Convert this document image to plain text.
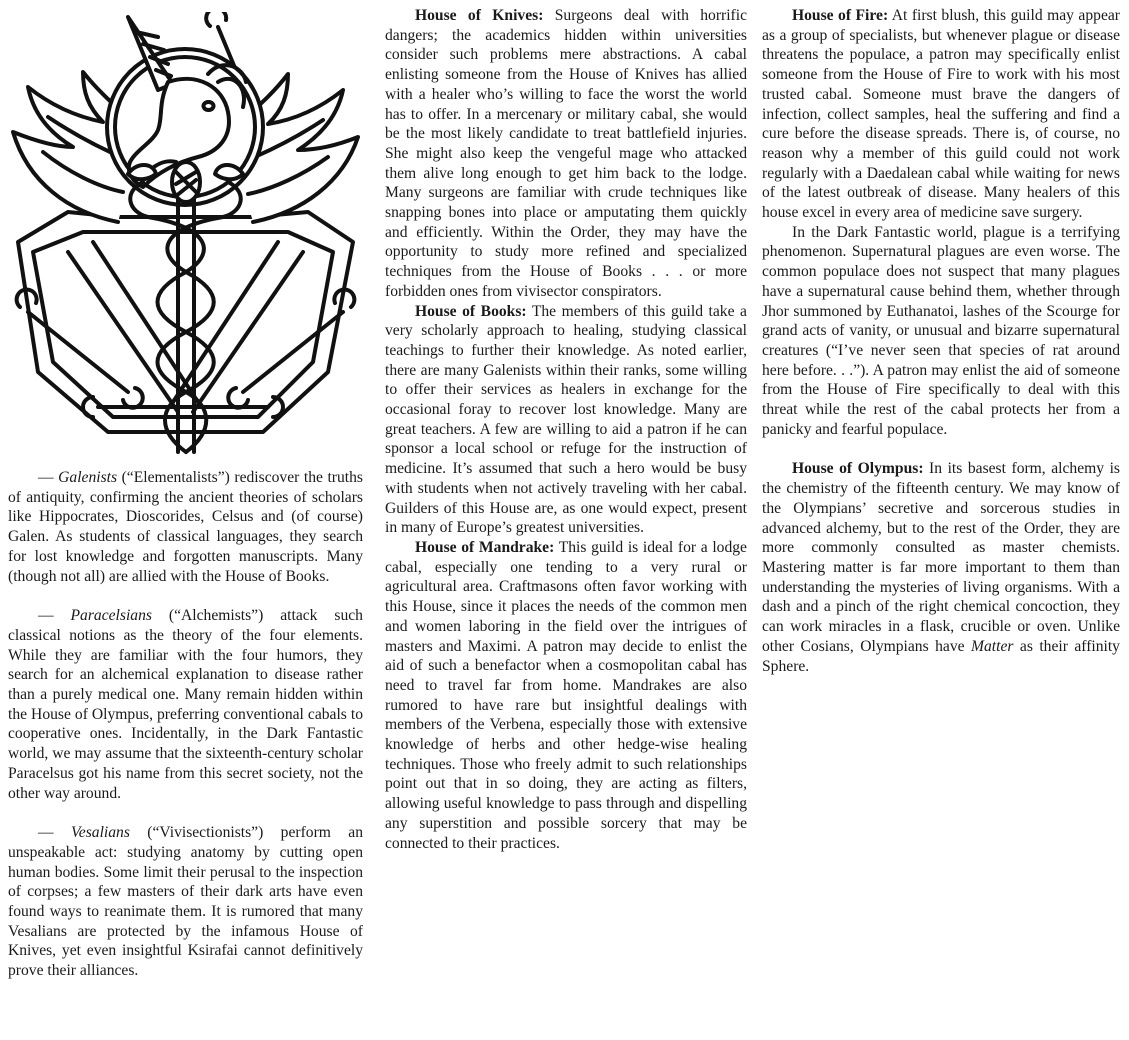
— Galenists (“Elementalists”) rediscover the truths of antiquity, confirming the ancient theories of scholars like Hippocrates, Dioscorides, Celsus and (of course) Galen. As students of classical languages, they search for lost knowledge and forgotten manuscripts. Many (though not all) are allied with the House of Books.

— Paracelsians (“Alchemists”) attack such classical notions as the theory of the four elements. While they are familiar with the four humors, they search for an alchemical explanation to disease rather than a purely medical one. Many remain hidden within the House of Olympus, preferring conventional cabals to cooperative ones. Incidentally, in the Dark Fantastic world, we may assume that the sixteenth-century scholar Paracelsus got his name from this secret society, not the other way around.

— Vesalians (“Vivisectionists”) perform an unspeakable act: studying anatomy by cutting open human bodies. Some limit their perusal to the inspection of corpses; a few masters of their dark arts have even found ways to reanimate them. It is rumored that many Vesalians are protected by the infamous House of Knives, yet even insightful Ksirafai cannot definitively prove their alliances.

House of Knives: Surgeons deal with horrific dangers; the academics hidden within universities consider such problems mere abstractions. A cabal enlisting someone from the House of Knives has allied with a healer who’s willing to face the worst the world has to offer. In a mercenary or military cabal, she would be the most likely candidate to treat battlefield injuries. She might also keep the vengeful mage who attacked them alive long enough to get him back to the lodge. Many surgeons are familiar with crude techniques like snapping bones into place or amputating them quickly and efficiently. Within the Order, they may have the opportunity to study more refined and specialized techniques from the House of Books . . . or more forbidden ones from vivisector conspirators.

House of Books: The members of this guild take a very scholarly approach to healing, studying classical teachings to further their knowledge. As noted earlier, there are many Galenists within their ranks, some willing to offer their services as healers in exchange for the occasional foray to recover lost knowledge. Many are great teachers. A few are willing to aid a patron if he can sponsor a local school or refuge for the instruction of medicine. It’s assumed that such a hero would be busy with students when not actively traveling with her cabal. Guilders of this House are, as one would expect, present in many of Europe’s greatest universities.

House of Mandrake: This guild is ideal for a lodge cabal, especially one tending to a very rural or agricultural area. Craftmasons often favor working with this House, since it places the needs of the common men and women laboring in the field over the intrigues of masters and Maximi. A patron may decide to enlist the aid of such a benefactor when a cosmopolitan cabal has need to travel far from home. Mandrakes are also rumored to have rare but insightful dealings with members of the Verbena, especially those with extensive knowledge of herbs and other hedge-wise healing techniques. Those who freely admit to such relationships point out that in so doing, they are acting as filters, allowing useful knowledge to pass through and dispelling any superstition and possible sorcery that may be connected to their practices.

House of Fire: At first blush, this guild may appear as a group of specialists, but whenever plague or disease threatens the populace, a patron may specifically enlist someone from the House of Fire to work with his most trusted cabal. Someone must brave the dangers of infection, collect samples, heal the suffering and find a cure before the disease spreads. There is, of course, no reason why a member of this guild could not work regularly with a Daedalean cabal while waiting for news of the latest outbreak of disease. Many healers of this house excel in every area of medicine save surgery.

In the Dark Fantastic world, plague is a terrifying phenomenon. Supernatural plagues are even worse. The common populace does not suspect that many plagues have a supernatural cause behind them, whether through Jhor summoned by Euthanatoi, lashes of the Scourge for grand acts of vanity, or unusual and bizarre supernatural creatures (“I’ve never seen that species of rat around here before. . .”). A patron may enlist the aid of someone from the House of Fire specifically to deal with this threat while the rest of the cabal protects her from a panicky and fearful populace.

House of Olympus: In its basest form, alchemy is the chemistry of the fifteenth century. We may know of the Olympians’ secretive and sorcerous studies in advanced alchemy, but to the rest of the Order, they are more commonly consulted as master chemists. Mastering matter is far more important to them than understanding the mysteries of living organisms. With a dash and a pinch of the right chemical concoction, they can work miracles in a flask, crucible or oven. Unlike other Cosians, Olympians have Matter as their affinity Sphere.
